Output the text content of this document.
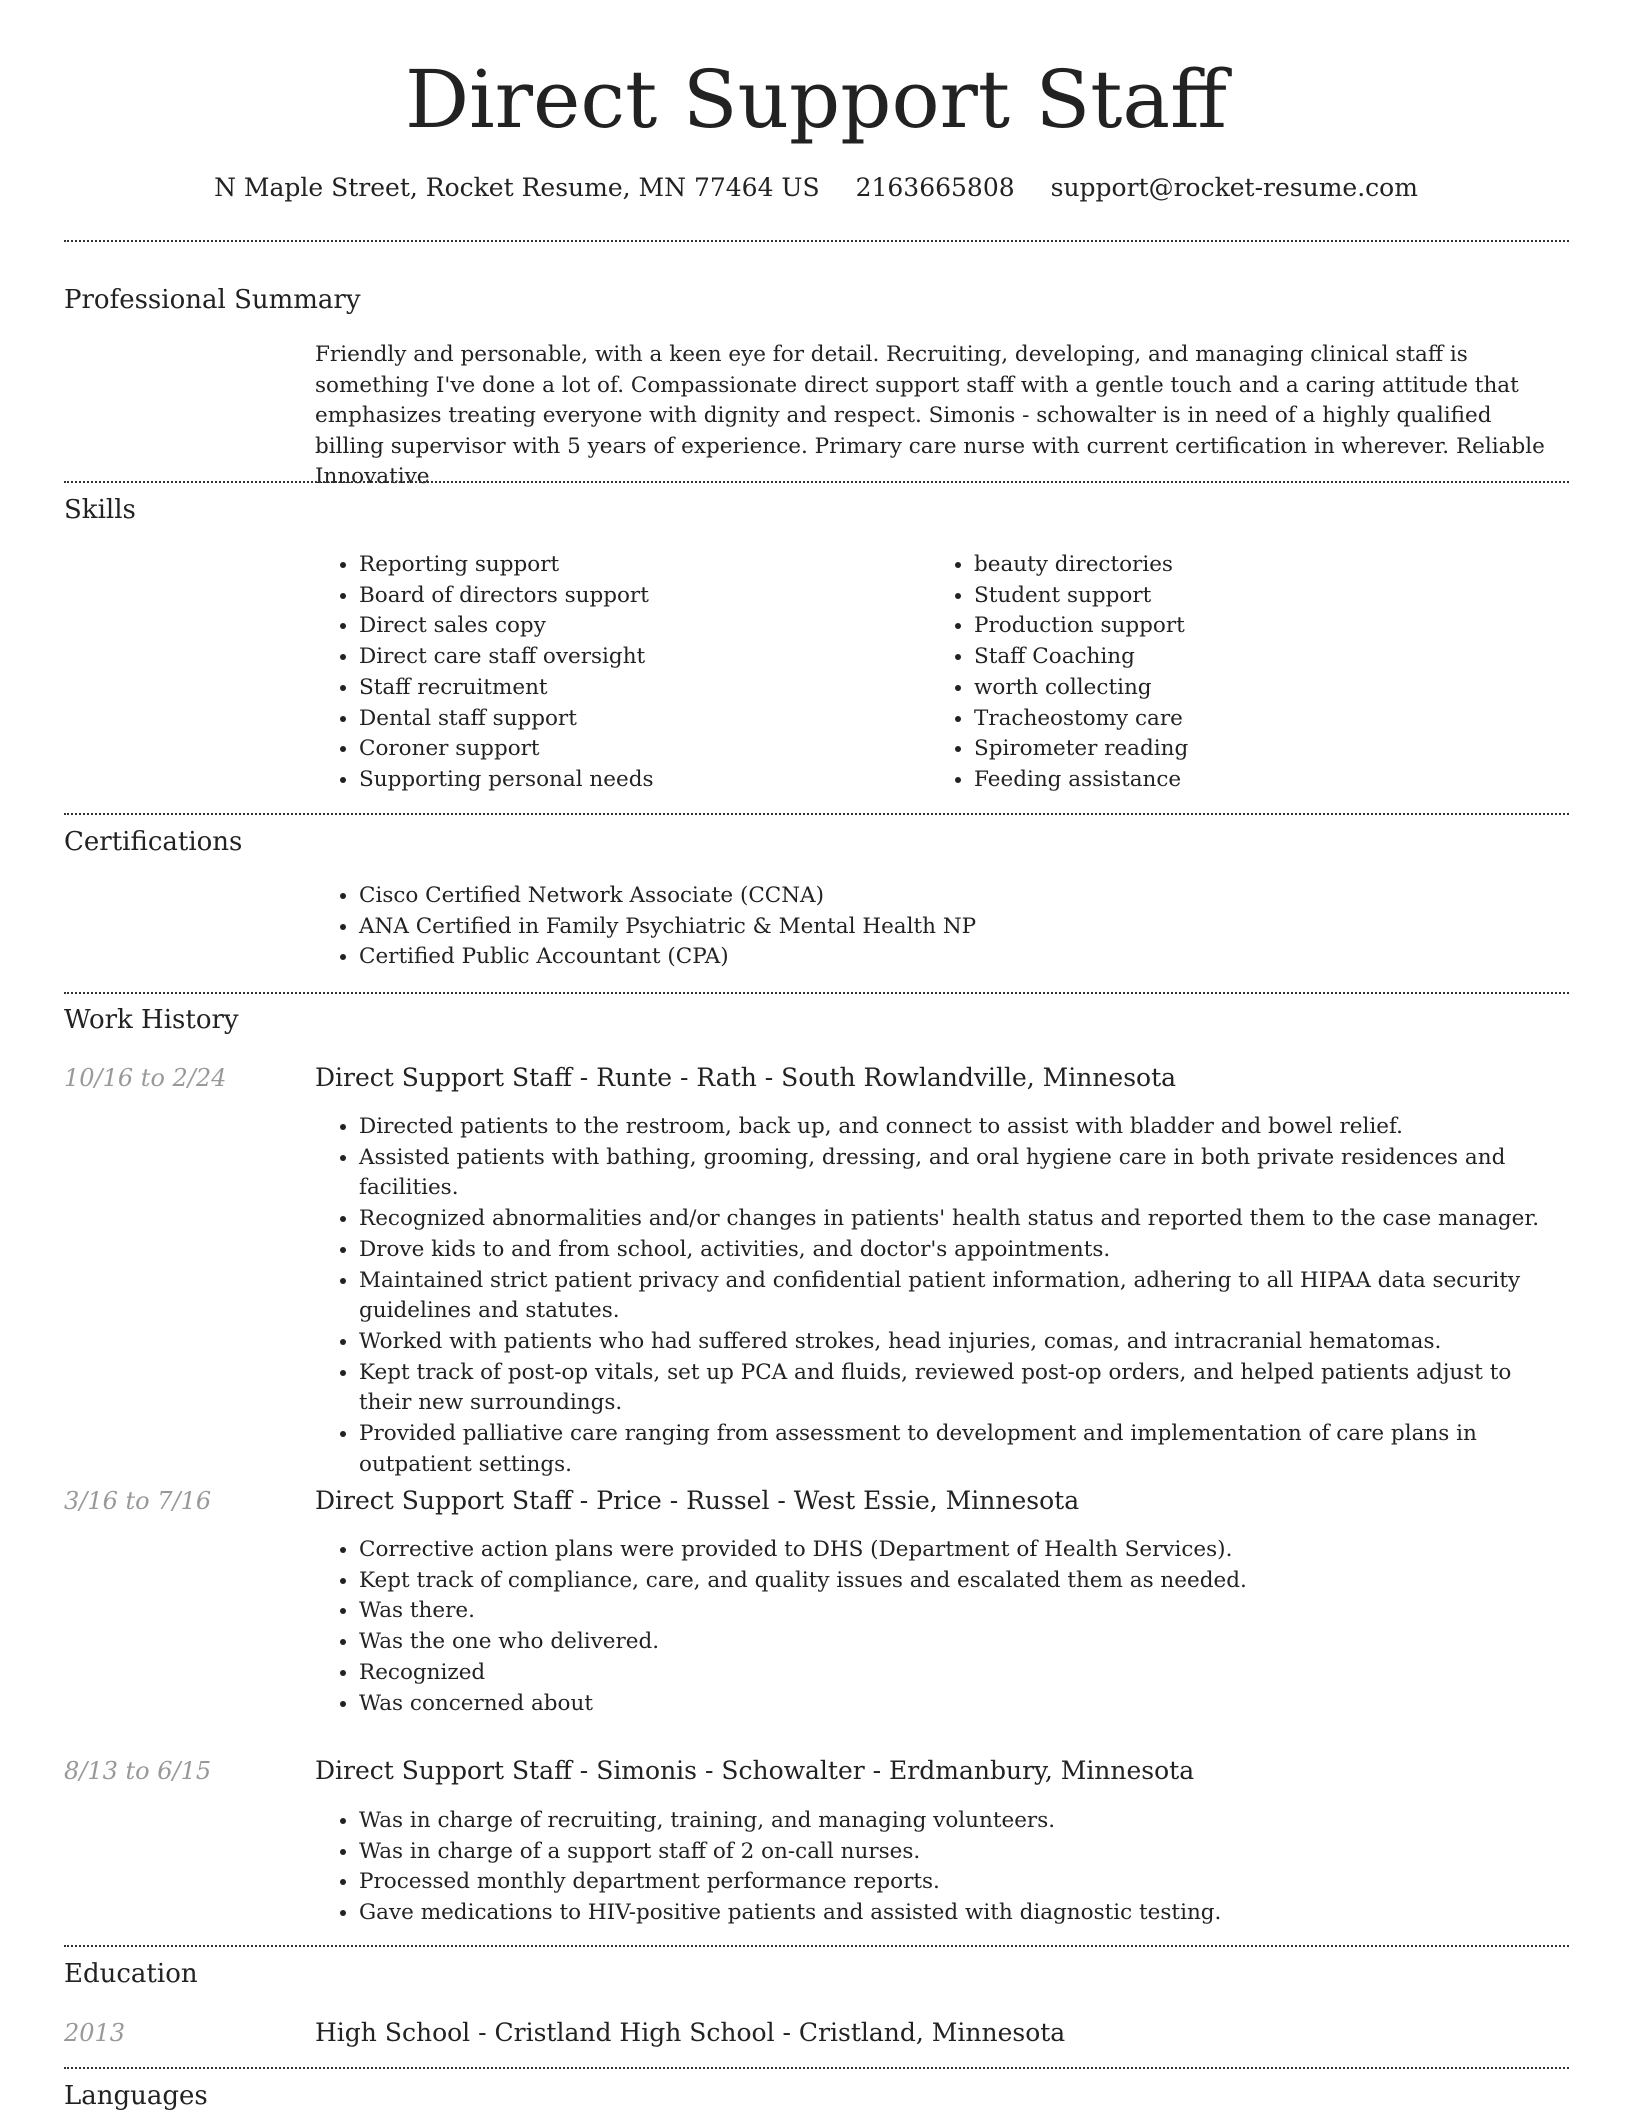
Direct Support Staff
N Maple Street, Rocket Resume, MN 77464 US 2163665808 support@rocket-resume.com
Professional Summary

Friendly and personable, with a keen eye for detail. Recruiting, developing, and managing clinical staff is something I've done a lot of. Compassionate direct support staff with a gentle touch and a caring attitude that emphasizes treating everyone with dignity and respect. Simonis - schowalter is in need of a highly qualified billing supervisor with 5 years of experience. Primary care nurse with current certification in wherever. Reliable Innovative

Skills
• Reporting support
• Board of directors support
• Direct sales copy
• Direct care staff oversight
• Staff recruitment
• Dental staff support
• Coroner support
• Supporting personal needs
• beauty directories
• Student support
• Production support
• Staff Coaching
• worth collecting
• Tracheostomy care
• Spirometer reading
• Feeding assistance
Certifications
• Cisco Certified Network Associate (CCNA)
• ANA Certified in Family Psychiatric & Mental Health NP
• Certified Public Accountant (CPA)
Work History
10/16 to 2/24	Direct Support Staff - Runte - Rath - South Rowlandville, Minnesota
• Directed patients to the restroom, back up, and connect to assist with bladder and bowel relief.
• Assisted patients with bathing, grooming, dressing, and oral hygiene care in both private residences and facilities.
• Recognized abnormalities and/or changes in patients' health status and reported them to the case manager.
• Drove kids to and from school, activities, and doctor's appointments.
• Maintained strict patient privacy and confidential patient information, adhering to all HIPAA data security guidelines and statutes.
• Worked with patients who had suffered strokes, head injuries, comas, and intracranial hematomas.
• Kept track of post-op vitals, set up PCA and fluids, reviewed post-op orders, and helped patients adjust to their new surroundings.
• Provided palliative care ranging from assessment to development and implementation of care plans in outpatient settings.
3/16 to 7/16	Direct Support Staff - Price - Russel - West Essie, Minnesota
• Corrective action plans were provided to DHS (Department of Health Services).
• Kept track of compliance, care, and quality issues and escalated them as needed.
• Was there.
• Was the one who delivered.
• Recognized
• Was concerned about
8/13 to 6/15	Direct Support Staff - Simonis - Schowalter - Erdmanbury, Minnesota
• Was in charge of recruiting, training, and managing volunteers.
• Was in charge of a support staff of 2 on-call nurses.
• Processed monthly department performance reports.
• Gave medications to HIV-positive patients and assisted with diagnostic testing.
Education
2013	High School - Cristland High School - Cristland, Minnesota
Languages
